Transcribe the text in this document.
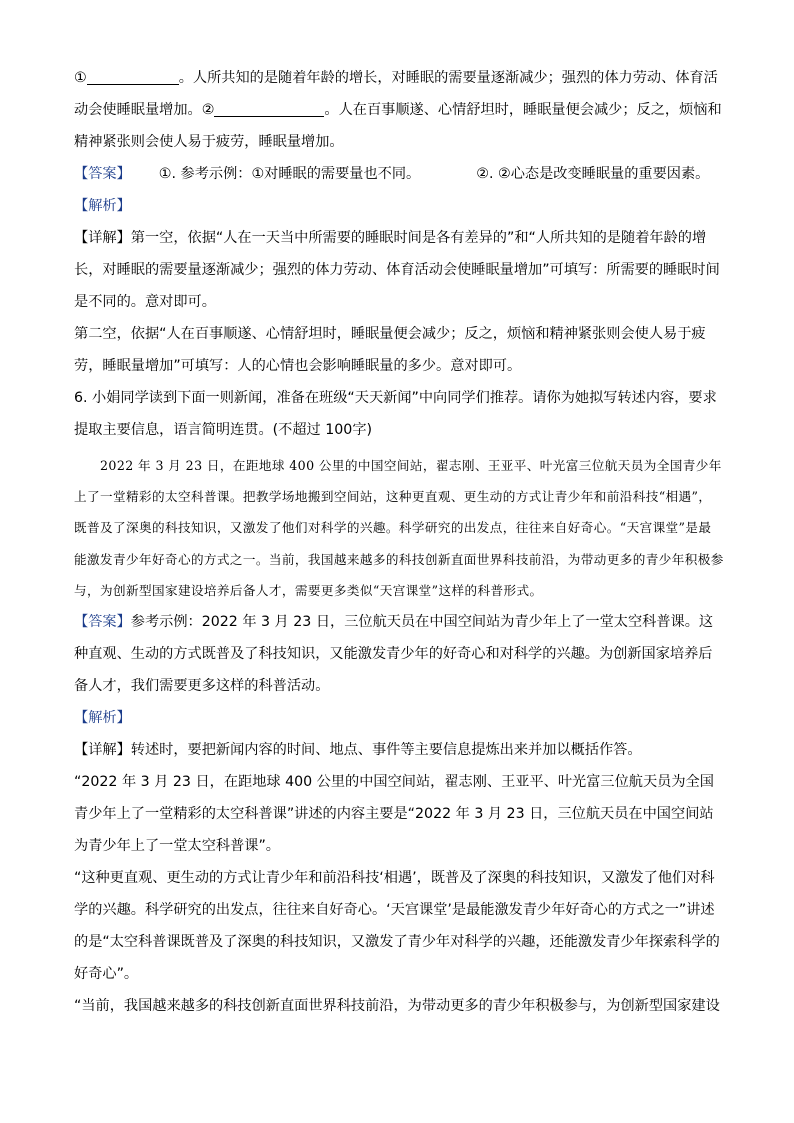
①	。人所共知的是随着年龄的增长，对睡眠的需要量逐渐减少；强烈的体力劳动、体育活动会使睡眠量增加。②	。人在百事顺遂、心情舒坦时，睡眠量便会减少；反之，烦恼和精神紧张则会使人易于疲劳，睡眠量增加。

【答案】 ①. 参考示例：①对睡眠的需要量也不同。	②. ②心态是改变睡眠量的重要因素。

【解析】

【详解】第一空，依据“人在一天当中所需要的睡眠时间是各有差异的”和“人所共知的是随着年龄的增长，对睡眠的需要量逐渐减少；强烈的体力劳动、体育活动会使睡眠量增加”可填写：所需要的睡眠时间是不同的。意对即可。

第二空，依据“人在百事顺遂、心情舒坦时，睡眠量便会减少；反之，烦恼和精神紧张则会使人易于疲劳，睡眠量增加”可填写：人的心情也会影响睡眠量的多少。意对即可。

6. 小娟同学读到下面一则新闻，准备在班级“天天新闻”中向同学们推荐。请你为她拟写转述内容，要求提取主要信息，语言简明连贯。(不超过 100字)

2022 年 3 月 23 日，在距地球 400 公里的中国空间站，翟志刚、王亚平、叶光富三位航天员为全国青少年上了一堂精彩的太空科普课。把教学场地搬到空间站，这种更直观、更生动的方式让青少年和前沿科技“相遇”，既普及了深奥的科技知识，又激发了他们对科学的兴趣。科学研究的出发点，往往来自好奇心。“天宫课堂”是最能激发青少年好奇心的方式之一。当前，我国越来越多的科技创新直面世界科技前沿，为带动更多的青少年积极参与，为创新型国家建设培养后备人才，需要更多类似“天宫课堂”这样的科普形式。

【答案】参考示例：2022 年 3 月 23 日，三位航天员在中国空间站为青少年上了一堂太空科普课。这种直观、生动的方式既普及了科技知识，又能激发青少年的好奇心和对科学的兴趣。为创新国家培养后备人才，我们需要更多这样的科普活动。

【解析】

【详解】转述时，要把新闻内容的时间、地点、事件等主要信息提炼出来并加以概括作答。

“2022 年 3 月 23 日，在距地球 400 公里的中国空间站，翟志刚、王亚平、叶光富三位航天员为全国青少年上了一堂精彩的太空科普课”讲述的内容主要是“2022 年 3 月 23 日，三位航天员在中国空间站为青少年上了一堂太空科普课”。

“这种更直观、更生动的方式让青少年和前沿科技‘相遇’，既普及了深奥的科技知识，又激发了他们对科学的兴趣。科学研究的出发点，往往来自好奇心。‘天宫课堂’是最能激发青少年好奇心的方式之一”讲述的是“太空科普课既普及了深奥的科技知识，又激发了青少年对科学的兴趣，还能激发青少年探索科学的好奇心”。

“当前，我国越来越多的科技创新直面世界科技前沿，为带动更多的青少年积极参与，为创新型国家建设
